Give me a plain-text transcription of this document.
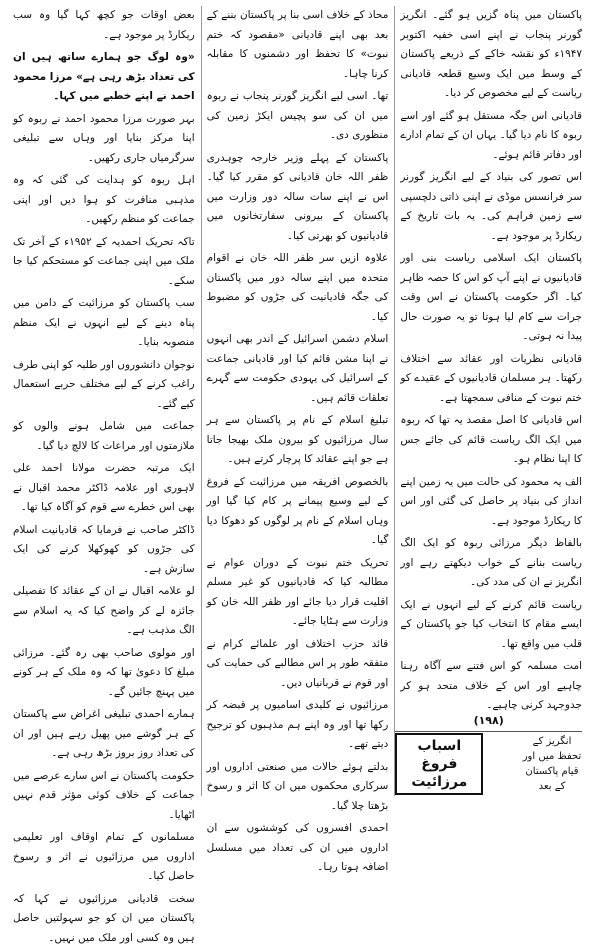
پاکستان میں پناہ گزیں ہو گئے۔ انگریز گورنر پنجاب نے اپنے اسی خفیہ اکتوبر ۱۹۴۷ء کو نقشہ خاکے کے ذریعے پاکستان کے وسط میں ایک وسیع قطعہ قادیانی ریاست کے لیے مخصوص کر دیا۔

قادیانی اس جگہ مستقل ہو گئے اور اسے ربوہ کا نام دیا گیا۔ یہاں ان کے تمام ادارے اور دفاتر قائم ہوئے۔

اس تصور کی بنیاد کے لیے انگریز گورنر سر فرانسس موڈی نے اپنی ذاتی دلچسپی سے زمین فراہم کی۔ یہ بات تاریخ کے ریکارڈ پر موجود ہے۔

پاکستان ایک اسلامی ریاست بنی اور قادیانیوں نے اپنے آپ کو اس کا حصہ ظاہر کیا۔ اگر حکومت پاکستان نے اس وقت جرات سے کام لیا ہوتا تو یہ صورت حال پیدا نہ ہوتی۔

قادیانی نظریات اور عقائد سے اختلاف رکھتا۔ ہر مسلمان قادیانیوں کے عقیدے کو ختم نبوت کے منافی سمجھتا ہے۔

اس قادیانی کا اصل مقصد یہ تھا کہ ربوہ میں ایک الگ ریاست قائم کی جائے جس کا اپنا نظام ہو۔

الف یہ محمود کی حالت میں یہ زمین اپنے انداز کی بنیاد پر حاصل کی گئی اور اس کا ریکارڈ موجود ہے۔

بالفاظ دیگر مرزائی ربوہ کو ایک الگ ریاست بنانے کے خواب دیکھتے رہے اور انگریز نے ان کی مدد کی۔

ریاست قائم کرنے کے لیے انہوں نے ایک ایسے مقام کا انتخاب کیا جو پاکستان کے قلب میں واقع تھا۔

امت مسلمہ کو اس فتنے سے آگاہ رہنا چاہیے اور اس کے خلاف متحد ہو کر جدوجہد کرنی چاہیے۔

(۱۹۸)
اسباب فروغ مرزائیت
انگریز کے تحفظ میں اور قیام پاکستان کے بعد

محاذ کے خلاف اسی بنا پر پاکستان بننے کے بعد بھی اپنے قادیانی «مقصود کہ ختم نبوت» کا تحفظ اور دشمنوں کا مقابلہ کرنا چاہا۔

تھا۔ اسی لیے انگریز گورنر پنجاب نے ربوہ میں ان کی سو پچیس ایکڑ زمین کی منظوری دی۔

پاکستان کے پہلے وزیر خارجہ چوہدری ظفر اللہ خان قادیانی کو مقرر کیا گیا۔ اس نے اپنے سات سالہ دور وزارت میں پاکستان کے بیرونی سفارتخانوں میں قادیانیوں کو بھرتی کیا۔

علاوہ ازیں سر ظفر اللہ خان نے اقوام متحدہ میں اپنے سالہ دور میں پاکستان کی جگہ قادیانیت کی جڑوں کو مضبوط کیا۔

اسلام دشمن اسرائیل کے اندر بھی انہوں نے اپنا مشن قائم کیا اور قادیانی جماعت کے اسرائیل کی یہودی حکومت سے گہرے تعلقات قائم ہیں۔

تبلیغ اسلام کے نام پر پاکستان سے ہر سال مرزائیوں کو بیرون ملک بھیجا جاتا ہے جو اپنے عقائد کا پرچار کرتے ہیں۔

بالخصوص افریقہ میں مرزائیت کے فروغ کے لیے وسیع پیمانے پر کام کیا گیا اور وہاں اسلام کے نام پر لوگوں کو دھوکا دیا گیا۔

تحریک ختم نبوت کے دوران عوام نے مطالبہ کیا کہ قادیانیوں کو غیر مسلم اقلیت قرار دیا جائے اور ظفر اللہ خان کو وزارت سے ہٹایا جائے۔

قائد حزب اختلاف اور علمائے کرام نے متفقہ طور پر اس مطالبے کی حمایت کی اور قوم نے قربانیاں دیں۔

مرزائیوں نے کلیدی اسامیوں پر قبضہ کر رکھا تھا اور وہ اپنے ہم مذہبوں کو ترجیح دیتے تھے۔

بدلتے ہوئے حالات میں صنعتی اداروں اور سرکاری محکموں میں ان کا اثر و رسوخ بڑھتا چلا گیا۔

احمدی افسروں کی کوششوں سے ان اداروں میں ان کی تعداد میں مسلسل اضافہ ہوتا رہا۔

بعض اوقات جو کچھ کہا گیا وہ سب ریکارڈ پر موجود ہے۔

«وہ لوگ جو ہمارے ساتھ ہیں ان کی تعداد بڑھ رہی ہے» مرزا محمود احمد نے اپنے خطبے میں کہا۔

بہر صورت مرزا محمود احمد نے ربوہ کو اپنا مرکز بنایا اور وہاں سے تبلیغی سرگرمیاں جاری رکھیں۔

اہل ربوہ کو ہدایت کی گئی کہ وہ مذہبی منافرت کو ہوا دیں اور اپنی جماعت کو منظم رکھیں۔

تاکہ تحریک احمدیہ کے ۱۹۵۲ء کے آخر تک ملک میں اپنی جماعت کو مستحکم کیا جا سکے۔

سب پاکستان کو مرزائیت کے دامن میں پناہ دینے کے لیے انہوں نے ایک منظم منصوبہ بنایا۔

نوجوان دانشوروں اور طلبہ کو اپنی طرف راغب کرنے کے لیے مختلف حربے استعمال کیے گئے۔

جماعت میں شامل ہونے والوں کو ملازمتوں اور مراعات کا لالچ دیا گیا۔

ایک مرتبہ حضرت مولانا احمد علی لاہوری اور علامہ ڈاکٹر محمد اقبال نے بھی اس خطرے سے قوم کو آگاہ کیا تھا۔

ڈاکٹر صاحب نے فرمایا کہ قادیانیت اسلام کی جڑوں کو کھوکھلا کرنے کی ایک سازش ہے۔

لو علامہ اقبال نے ان کے عقائد کا تفصیلی جائزہ لے کر واضح کیا کہ یہ اسلام سے الگ مذہب ہے۔

اور مولوی صاحب بھی رہ گئے۔ مرزائی مبلغ کا دعویٰ تھا کہ وہ ملک کے ہر کونے میں پہنچ جائیں گے۔

ہمارے احمدی تبلیغی اغراض سے پاکستان کے ہر گوشے میں پھیل رہے ہیں اور ان کی تعداد روز بروز بڑھ رہی ہے۔

حکومت پاکستان نے اس سارے عرصے میں جماعت کے خلاف کوئی مؤثر قدم نہیں اٹھایا۔

مسلمانوں کے تمام اوقاف اور تعلیمی اداروں میں مرزائیوں نے اثر و رسوخ حاصل کیا۔

سخت قادیانی مرزائیوں نے کہا کہ پاکستان میں ان کو جو سہولتیں حاصل ہیں وہ کسی اور ملک میں نہیں۔
